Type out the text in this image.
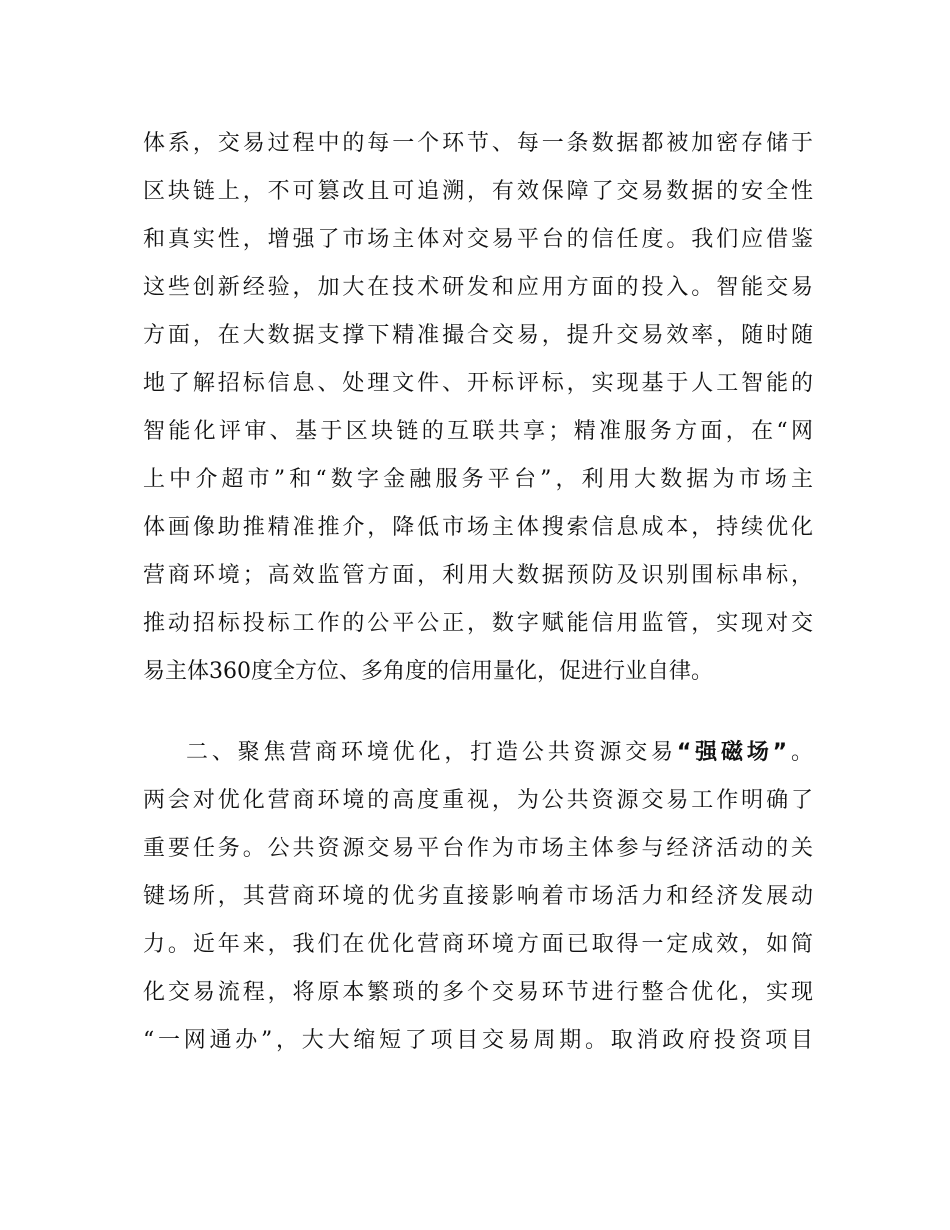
体系，交易过程中的每一个环节、每一条数据都被加密存储于
区块链上，不可篡改且可追溯，有效保障了交易数据的安全性
和真实性，增强了市场主体对交易平台的信任度。我们应借鉴
这些创新经验，加大在技术研发和应用方面的投入。智能交易
方面，在大数据支撑下精准撮合交易，提升交易效率，随时随
地了解招标信息、处理文件、开标评标，实现基于人工智能的
智能化评审、基于区块链的互联共享；精准服务方面，在“网
上中介超市”和“数字金融服务平台”，利用大数据为市场主
体画像助推精准推介，降低市场主体搜索信息成本，持续优化
营商环境；高效监管方面，利用大数据预防及识别围标串标，
推动招标投标工作的公平公正，数字赋能信用监管，实现对交
易主体360度全方位、多角度的信用量化，促进行业自律。
二、聚焦营商环境优化，打造公共资源交易“强磁场”。
两会对优化营商环境的高度重视，为公共资源交易工作明确了
重要任务。公共资源交易平台作为市场主体参与经济活动的关
键场所，其营商环境的优劣直接影响着市场活力和经济发展动
力。近年来，我们在优化营商环境方面已取得一定成效，如简
化交易流程，将原本繁琐的多个交易环节进行整合优化，实现
“一网通办”，大大缩短了项目交易周期。取消政府投资项目
